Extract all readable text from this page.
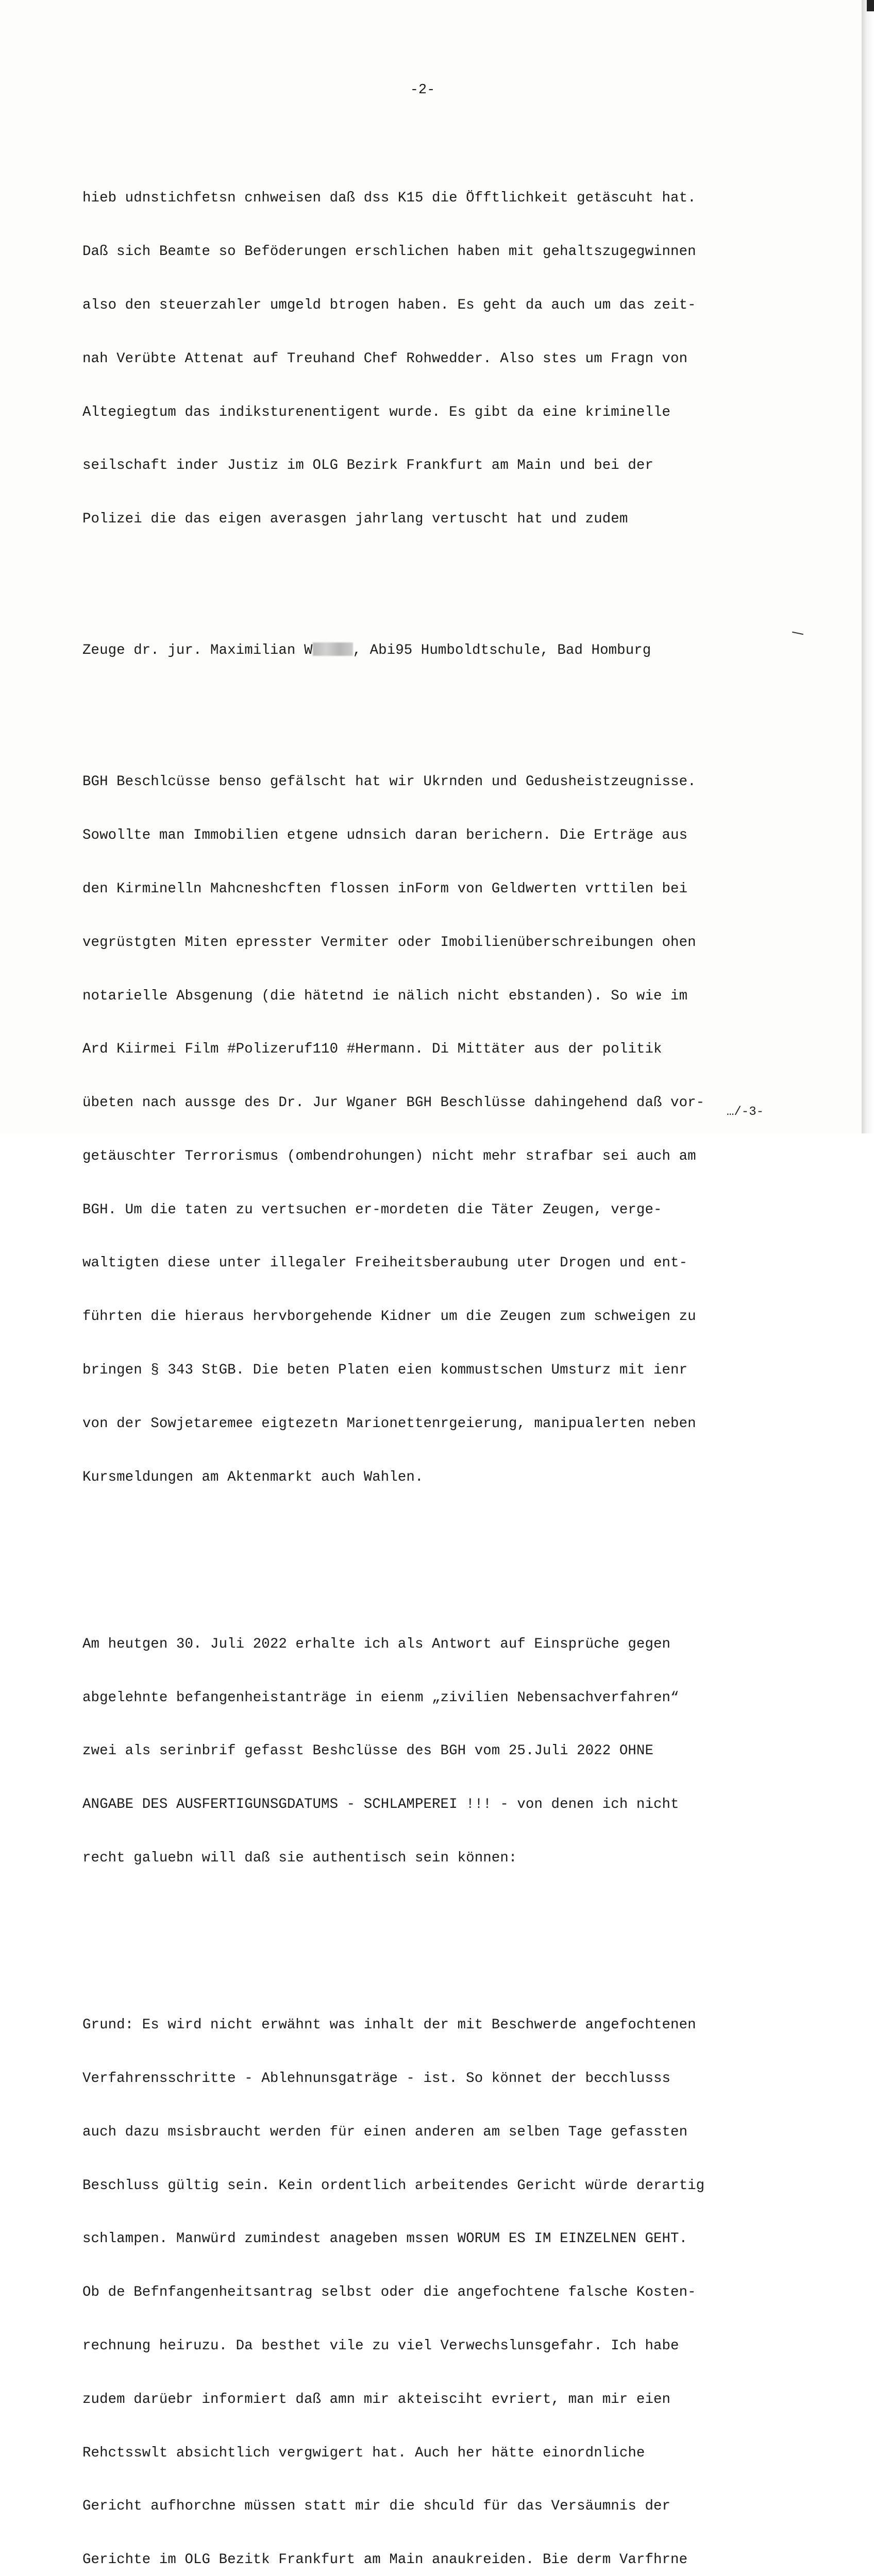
-2-

hieb udnstichfetsn cnhweisen daß dss K15 die Öfftlichkeit getäscuht hat.

Daß sich Beamte so Beföderungen erschlichen haben mit gehaltszugegwinnen

also den steuerzahler umgeld btrogen haben. Es geht da auch um das zeit-

nah Verübte Attenat auf Treuhand Chef Rohwedder. Also stes um Fragn von

Altegiegtum das indiksturenentigent wurde. Es gibt da eine kriminelle

seilschaft inder Justiz im OLG Bezirk Frankfurt am Main und bei der

Polizei die das eigen averasgen jahrlang vertuscht hat und zudem

Zeuge dr. jur. Maximilian W	, Abi95 Humboldtschule, Bad Homburg

BGH Beschlcüsse benso gefälscht hat wir Ukrnden und Gedusheistzeugnisse.

Sowollte man Immobilien etgene udnsich daran berichern. Die Erträge aus

den Kirminelln Mahcneshcften flossen inForm von Geldwerten vrttilen bei

vegrüstgten Miten epresster Vermiter oder Imobilienüberschreibungen ohen

notarielle Absgenung (die hätetnd ie nälich nicht ebstanden). So wie im

Ard Kiirmei Film #Polizeruf110 #Hermann. Di Mittäter aus der politik

übeten nach aussge des Dr. Jur Wganer BGH Beschlüsse dahingehend daß vor-

getäuschter Terrorismus (ombendrohungen) nicht mehr strafbar sei auch am

BGH. Um die taten zu vertsuchen er-mordeten die Täter Zeugen, verge-

waltigten diese unter illegaler Freiheitsberaubung uter Drogen und ent-

führten die hieraus hervborgehende Kidner um die Zeugen zum schweigen zu

bringen § 343 StGB. Die beten Platen eien kommustschen Umsturz mit ienr

von der Sowjetaremee eigtezetn Marionettenrgeierung, manipualerten neben

Kursmeldungen am Aktenmarkt auch Wahlen.

Am heutgen 30. Juli 2022 erhalte ich als Antwort auf Einsprüche gegen

abgelehnte befangenheistanträge in eienm „zivilien Nebensachverfahren“

zwei als serinbrif gefasst Beshclüsse des BGH vom 25.Juli 2022 OHNE

ANGABE DES AUSFERTIGUNSGDATUMS - SCHLAMPEREI !!! - von denen ich nicht

recht galuebn will daß sie authentisch sein können:

Grund: Es wird nicht erwähnt was inhalt der mit Beschwerde angefochtenen

Verfahrensschritte - Ablehnunsgaträge - ist. So könnet der becchlusss

auch dazu msisbraucht werden für einen anderen am selben Tage gefassten

Beschluss gültig sein. Kein ordentlich arbeitendes Gericht würde derartig

schlampen. Manwürd zumindest anageben mssen WORUM ES IM EINZELNEN GEHT.

Ob de Befnfangenheitsantrag selbst oder die angefochtene falsche Kosten-

rechnung heiruzu. Da besthet vile zu viel Verwechslunsgefahr. Ich habe

zudem darüebr informiert daß amn mir akteisciht evriert, man mir eien

Rehctsswlt absichtlich vergwigert hat. Auch her hätte einordnliche

Gericht aufhorchne müssen statt mir die shculd für das Versäumnis der

Gerichte im OLG Bezitk Frankfurt am Main anaukreiden. Bie derm Varfhrne

…/-3-
